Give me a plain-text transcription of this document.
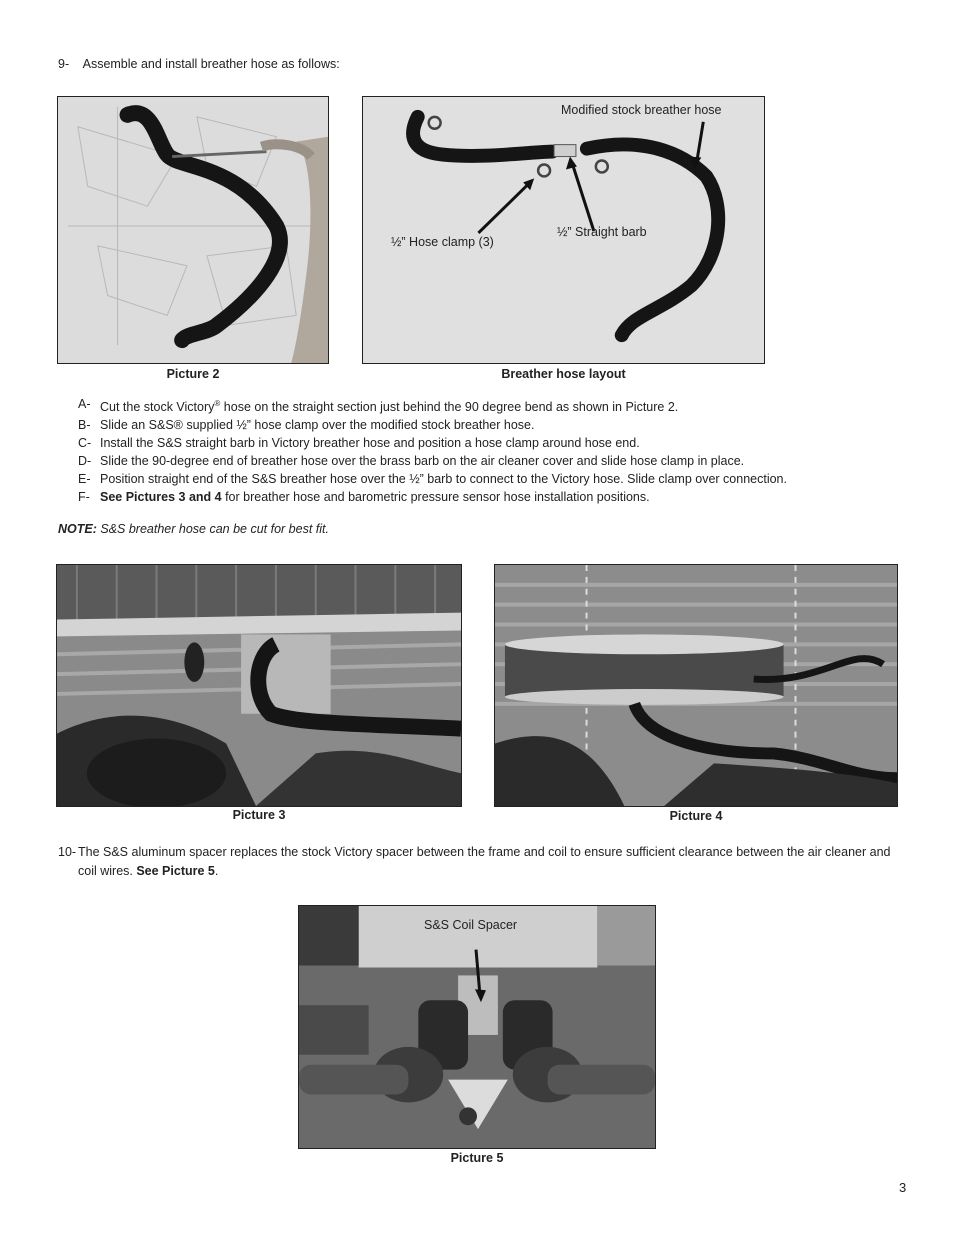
9- Assemble and install breather hose as follows:
Picture 2
Modified stock breather hose
½” Straight barb
½” Hose clamp (3)
Breather hose layout
A- Cut the stock Victory® hose on the straight section just behind the 90 degree bend as shown in Picture 2.
B- Slide an S&S® supplied ½” hose clamp over the modified stock breather hose.
C- Install the S&S straight barb in Victory breather hose and position a hose clamp around hose end.
D- Slide the 90-degree end of breather hose over the brass barb on the air cleaner cover and slide hose clamp in place.
E- Position straight end of the S&S breather hose over the ½” barb to connect to the Victory hose. Slide clamp over connection.
F- See Pictures 3 and 4 for breather hose and barometric pressure sensor hose installation positions.
NOTE: S&S breather hose can be cut for best fit.
Picture 3	Picture 4
10- The S&S aluminum spacer replaces the stock Victory spacer between the frame and coil to ensure sufficient clearance between the air cleaner and coil wires. See Picture 5.
S&S Coil Spacer
Picture 5
3
